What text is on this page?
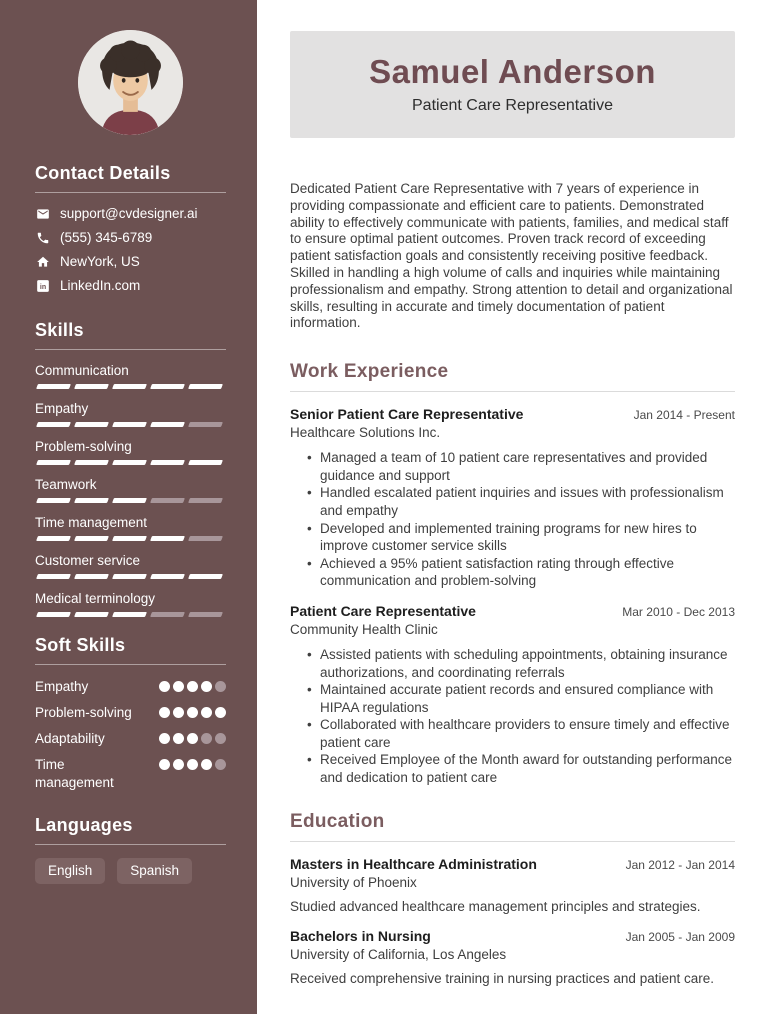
Contact Details
support@cvdesigner.ai
(555) 345-6789
NewYork, US
in LinkedIn.com
Skills
Communication
Empathy
Problem-solving
Teamwork
Time management
Customer service
Medical terminology
Soft Skills
Empathy
Problem-solving
Adaptability
Time management
Languages
English	Spanish
Samuel Anderson
Patient Care Representative

Dedicated Patient Care Representative with 7 years of experience in providing compassionate and efficient care to patients. Demonstrated ability to effectively communicate with patients, families, and medical staff to ensure optimal patient outcomes. Proven track record of exceeding patient satisfaction goals and consistently receiving positive feedback. Skilled in handling a high volume of calls and inquiries while maintaining professionalism and empathy. Strong attention to detail and organizational skills, resulting in accurate and timely documentation of patient information.

Work Experience
Senior Patient Care Representative	Jan 2014 - Present
Healthcare Solutions Inc.
• Managed a team of 10 patient care representatives and provided guidance and support
• Handled escalated patient inquiries and issues with professionalism and empathy
• Developed and implemented training programs for new hires to improve customer service skills
• Achieved a 95% patient satisfaction rating through effective communication and problem-solving
Patient Care Representative	Mar 2010 - Dec 2013
Community Health Clinic
• Assisted patients with scheduling appointments, obtaining insurance authorizations, and coordinating referrals
• Maintained accurate patient records and ensured compliance with HIPAA regulations
• Collaborated with healthcare providers to ensure timely and effective patient care
• Received Employee of the Month award for outstanding performance and dedication to patient care
Education
Masters in Healthcare Administration	Jan 2012 - Jan 2014
University of Phoenix

Studied advanced healthcare management principles and strategies.

Bachelors in Nursing	Jan 2005 - Jan 2009
University of California, Los Angeles

Received comprehensive training in nursing practices and patient care.
